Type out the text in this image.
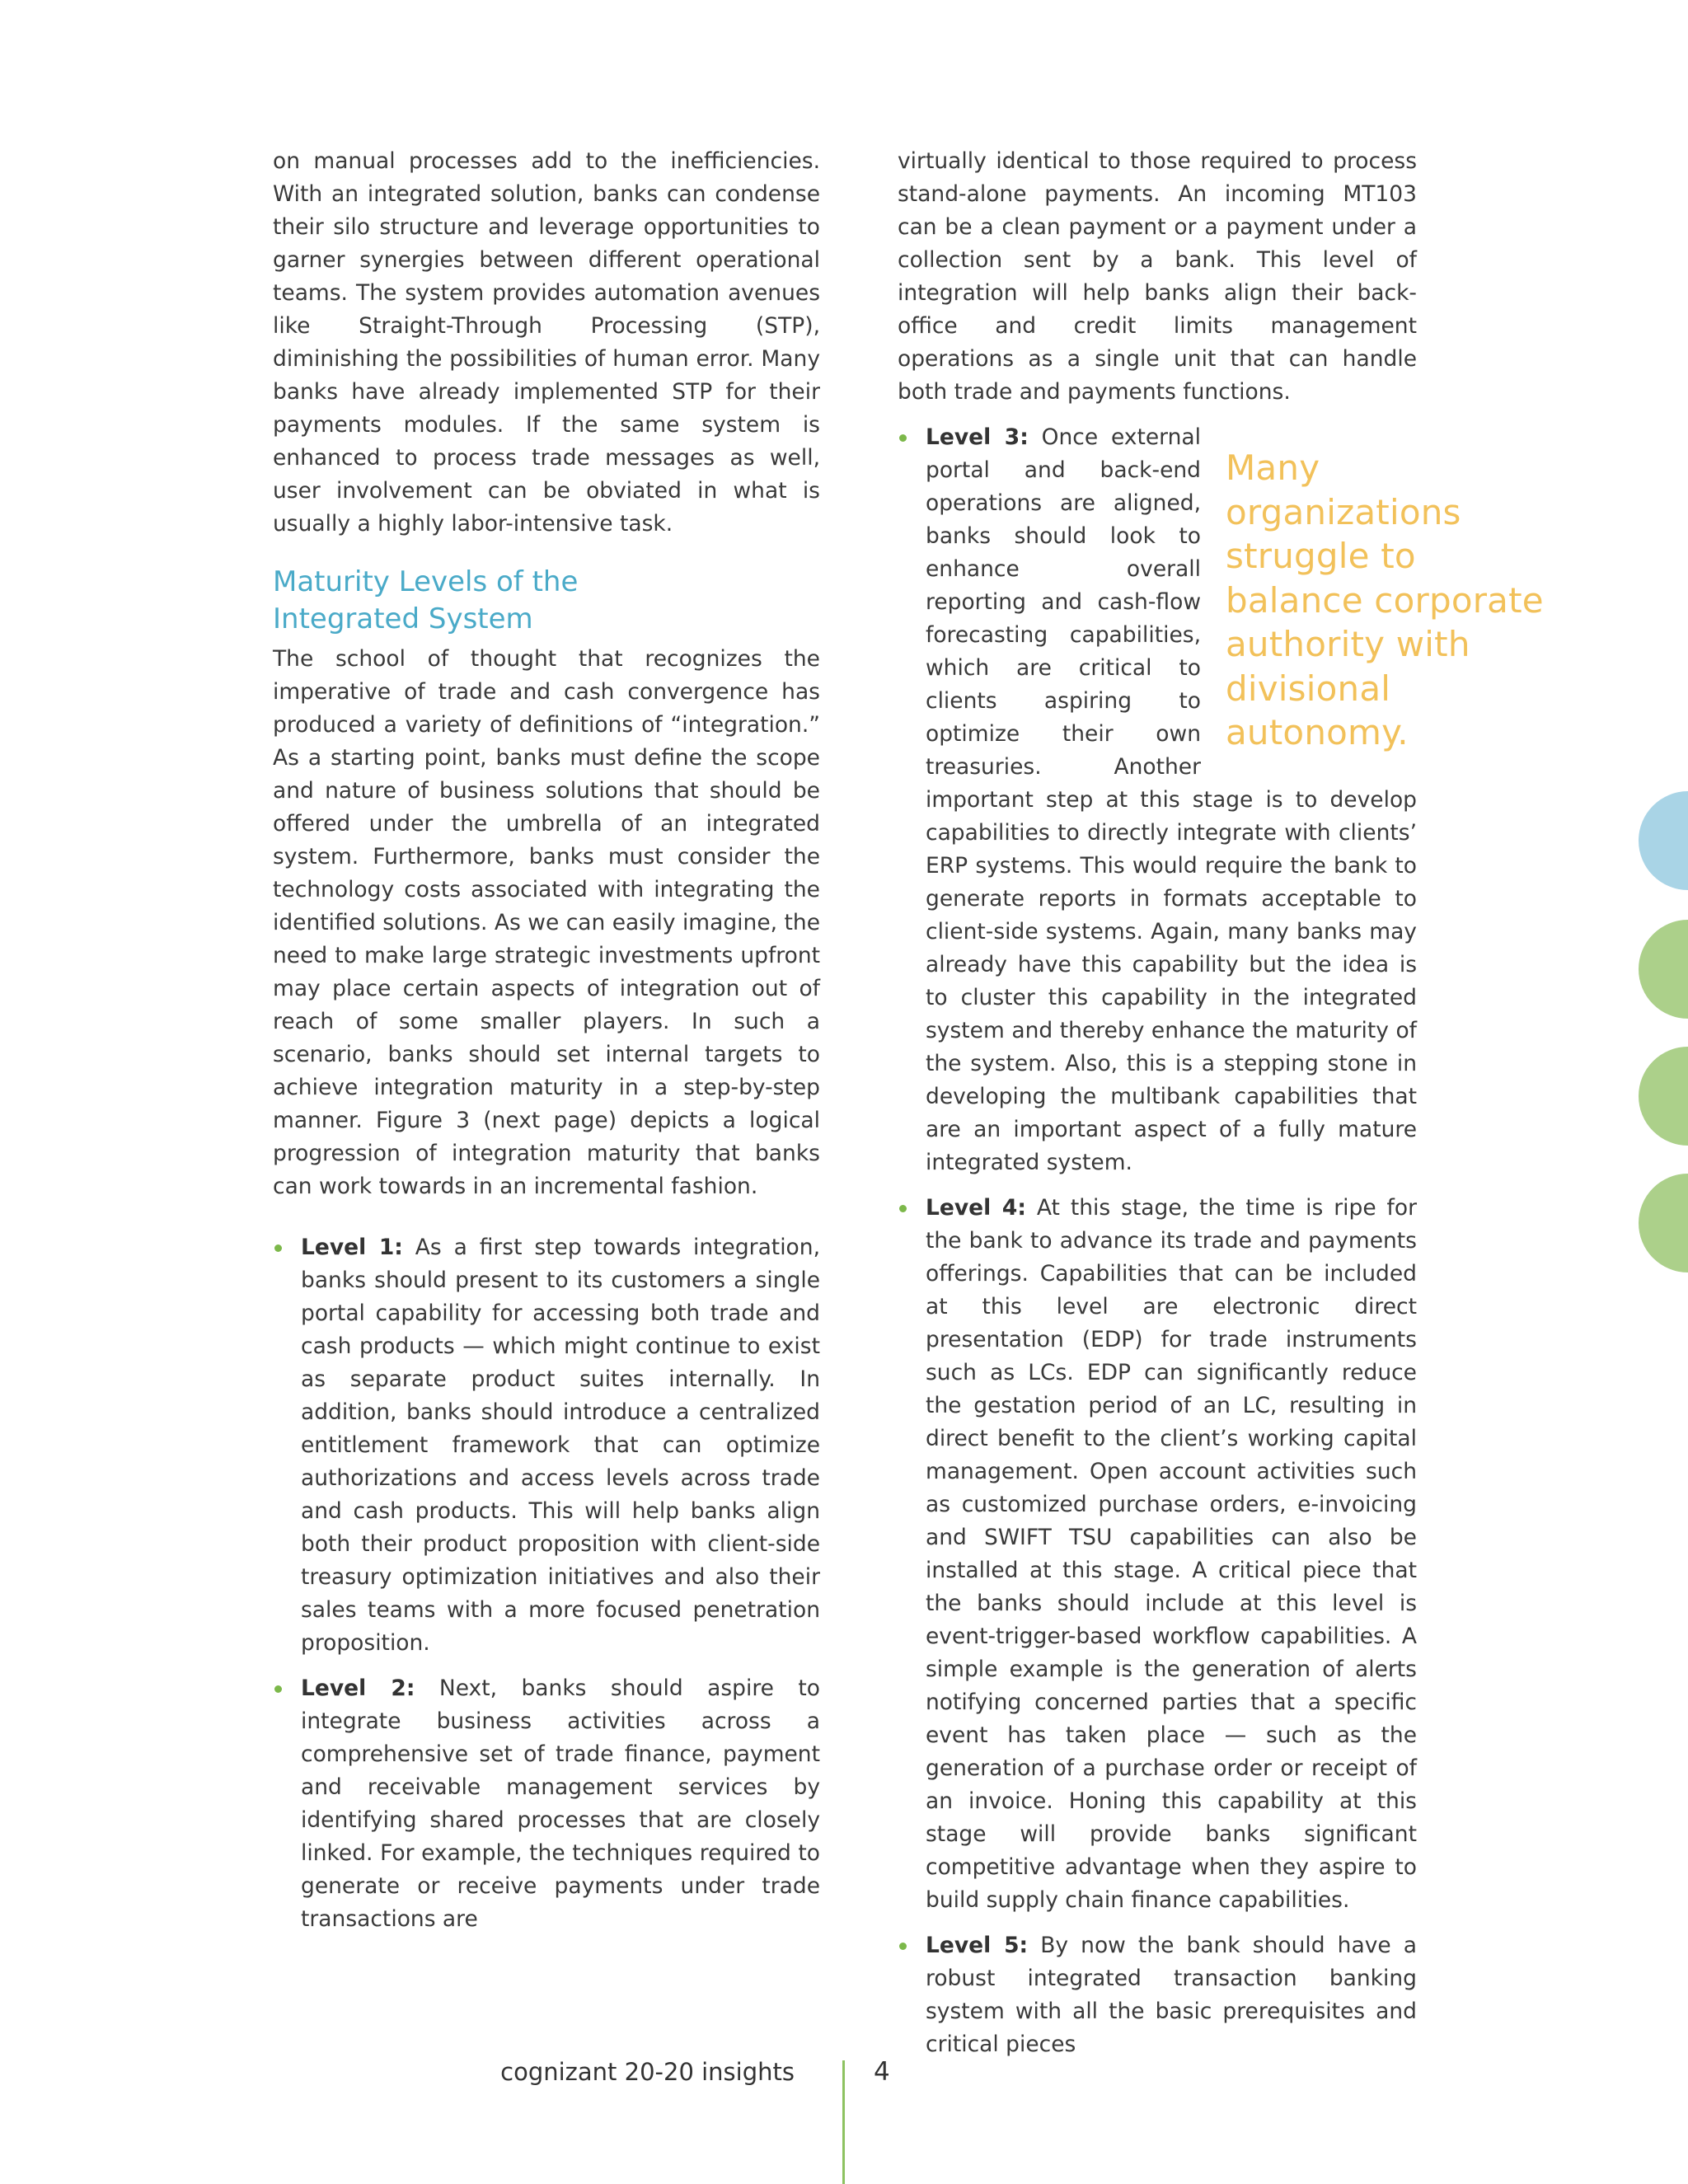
on manual processes add to the inefficiencies. With an integrated solution, banks can condense their silo structure and leverage opportunities to garner synergies between different operational teams. The system provides automation avenues like Straight-Through Processing (STP), diminishing the possibilities of human error. Many banks have already implemented STP for their payments modules. If the same system is enhanced to process trade messages as well, user involvement can be obviated in what is usually a highly labor-intensive task.

Maturity Levels of the
Integrated System

The school of thought that recognizes the imperative of trade and cash convergence has produced a variety of definitions of “integration.” As a starting point, banks must define the scope and nature of business solutions that should be offered under the umbrella of an integrated system. Furthermore, banks must consider the technology costs associated with integrating the identified solutions. As we can easily imagine, the need to make large strategic investments upfront may place certain aspects of integration out of reach of some smaller players. In such a scenario, banks should set internal targets to achieve integration maturity in a step-by-step manner. Figure 3 (next page) depicts a logical progression of integration maturity that banks can work towards in an incremental fashion.

Level 1: As a first step towards integration, banks should present to its customers a single portal capability for accessing both trade and cash products — which might continue to exist as separate product suites internally. In addition, banks should introduce a centralized entitlement framework that can optimize authorizations and access levels across trade and cash products. This will help banks align both their product proposition with client-side treasury optimization initiatives and also their sales teams with a more focused penetration proposition.
Level 2: Next, banks should aspire to integrate business activities across a comprehensive set of trade finance, payment and receivable management services by identifying shared processes that are closely linked. For example, the techniques required to generate or receive payments under trade transactions are

virtually identical to those required to process stand-alone payments. An incoming MT103 can be a clean payment or a payment under a collection sent by a bank. This level of integration will help banks align their back-office and credit limits management operations as a single unit that can handle both trade and payments functions.

Many organizations struggle to balance corporate authority with divisional autonomy.
Level 3: Once external portal and back-end operations are aligned, banks should look to enhance overall reporting and cash-flow forecasting capabilities, which are critical to clients aspiring to optimize their own treasuries. Another important step at this stage is to develop capabilities to directly integrate with clients’ ERP systems. This would require the bank to generate reports in formats acceptable to client-side systems. Again, many banks may already have this capability but the idea is to cluster this capability in the integrated system and thereby enhance the maturity of the system. Also, this is a stepping stone in developing the multibank capabilities that are an important aspect of a fully mature integrated system.
Level 4: At this stage, the time is ripe for the bank to advance its trade and payments offerings. Capabilities that can be included at this level are electronic direct presentation (EDP) for trade instruments such as LCs. EDP can significantly reduce the gestation period of an LC, resulting in direct benefit to the client’s working capital management. Open account activities such as customized purchase orders, e-invoicing and SWIFT TSU capabilities can also be installed at this stage. A critical piece that the banks should include at this level is event-trigger-based workflow capabilities. A simple example is the generation of alerts notifying concerned parties that a specific event has taken place — such as the generation of a purchase order or receipt of an invoice. Honing this capability at this stage will provide banks significant competitive advantage when they aspire to build supply chain finance capabilities.
Level 5: By now the bank should have a robust integrated transaction banking system with all the basic prerequisites and critical pieces
cognizant 20-20 insights	4
